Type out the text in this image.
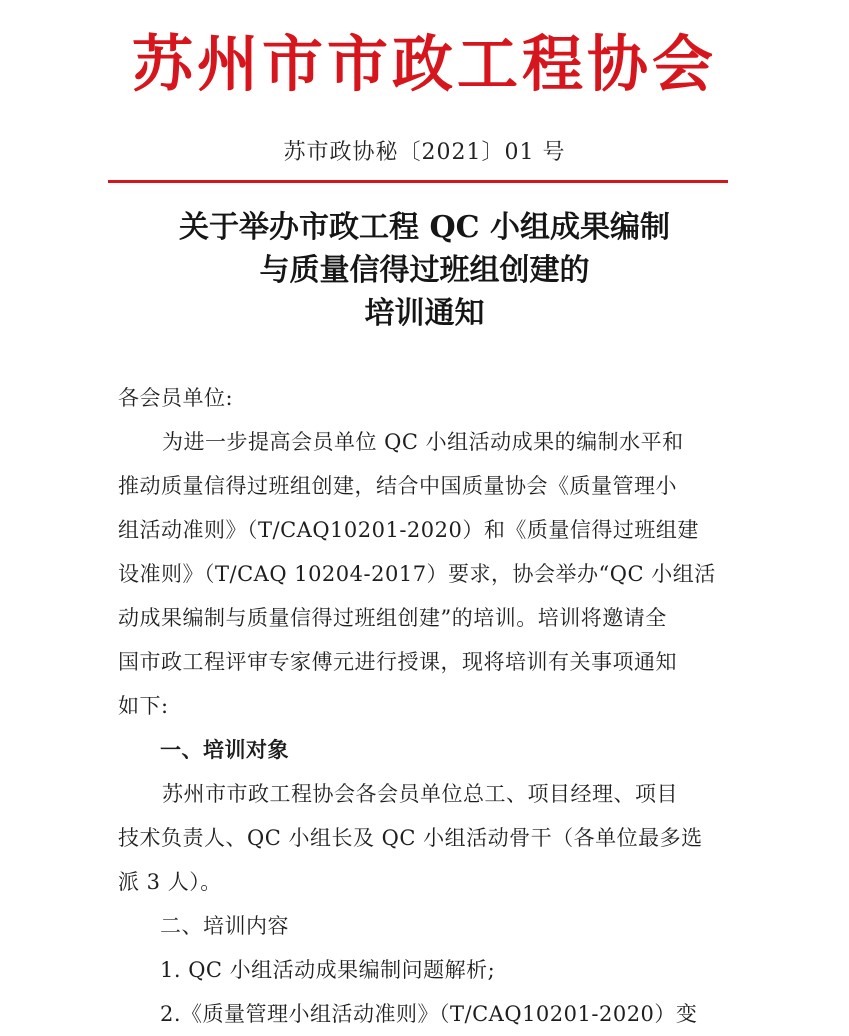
苏州市市政工程协会
苏市政协秘〔2021〕01 号
关于举办市政工程 QC 小组成果编制
与质量信得过班组创建的
培训通知

各会员单位:

为进一步提高会员单位 QC 小组活动成果的编制水平和
推动质量信得过班组创建，结合中国质量协会《质量管理小
组活动准则》（T/CAQ10201-2020）和《质量信得过班组建
设准则》（T/CAQ 10204-2017）要求，协会举办“QC 小组活
动成果编制与质量信得过班组创建”的培训。培训将邀请全
国市政工程评审专家傅元进行授课，现将培训有关事项通知
如下:
一、培训对象
苏州市市政工程协会各会员单位总工、项目经理、项目
技术负责人、QC 小组长及 QC 小组活动骨干（各单位最多选
派 3 人）。
二、培训内容
1. QC 小组活动成果编制问题解析;
2.《质量管理小组活动准则》（T/CAQ10201-2020）变
